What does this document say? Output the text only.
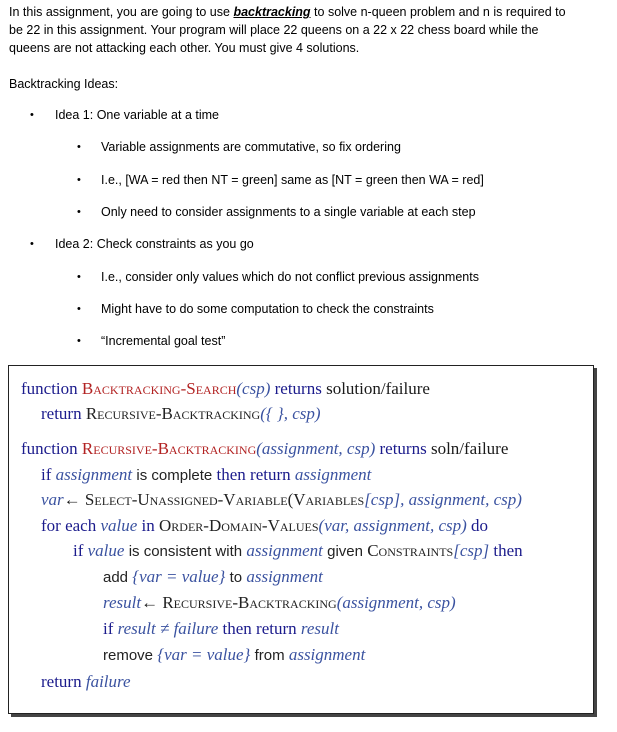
In this assignment, you are going to use backtracking to solve n-queen problem and n is required to be 22 in this assignment. Your program will place 22 queens on a 22 x 22 chess board while the queens are not attacking each other. You must give 4 solutions.
Backtracking Ideas:
• Idea 1: One variable at a time
• Variable assignments are commutative, so fix ordering
• I.e., [WA = red then NT = green] same as [NT = green then WA = red]
• Only need to consider assignments to a single variable at each step
• Idea 2: Check constraints as you go
• I.e., consider only values which do not conflict previous assignments
• Might have to do some computation to check the constraints
• “Incremental goal test”
function Backtracking-Search(csp) returns solution/failure
return Recursive-Backtracking({ }, csp)
function Recursive-Backtracking(assignment, csp) returns soln/failure
if assignment is complete then return assignment
var← Select-Unassigned-Variable(Variables[csp], assignment, csp)
for each value in Order-Domain-Values(var, assignment, csp) do
if value is consistent with assignment given Constraints[csp] then
add {var = value} to assignment
result← Recursive-Backtracking(assignment, csp)
if result ≠ failure then return result
remove {var = value} from assignment
return failure
